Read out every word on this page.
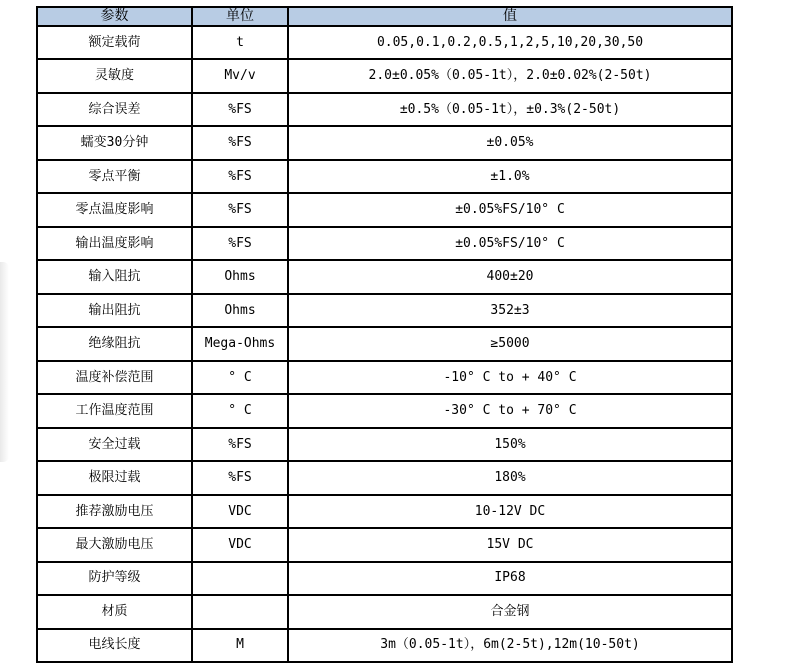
参数	单位	值
额定载荷	t	0.05,0.1,0.2,0.5,1,2,5,10,20,30,50
灵敏度	Mv/v	2.0±0.05%（0.05-1t），2.0±0.02%(2-50t)
综合误差	%FS	±0.5%（0.05-1t），±0.3%(2-50t)
蠕变30分钟	%FS	±0.05%
零点平衡	%FS	±1.0%
零点温度影响	%FS	±0.05%FS/10° C
输出温度影响	%FS	±0.05%FS/10° C
输入阻抗	Ohms	400±20
输出阻抗	Ohms	352±3
绝缘阻抗	Mega-Ohms	≥5000
温度补偿范围	° C	-10° C to + 40° C
工作温度范围	° C	-30° C to + 70° C
安全过载	%FS	150%
极限过载	%FS	180%
推荐激励电压	VDC	10-12V DC
最大激励电压	VDC	15V DC
防护等级		IP68
材质		合金钢
电线长度	M	3m（0.05-1t），6m(2-5t),12m(10-50t)
